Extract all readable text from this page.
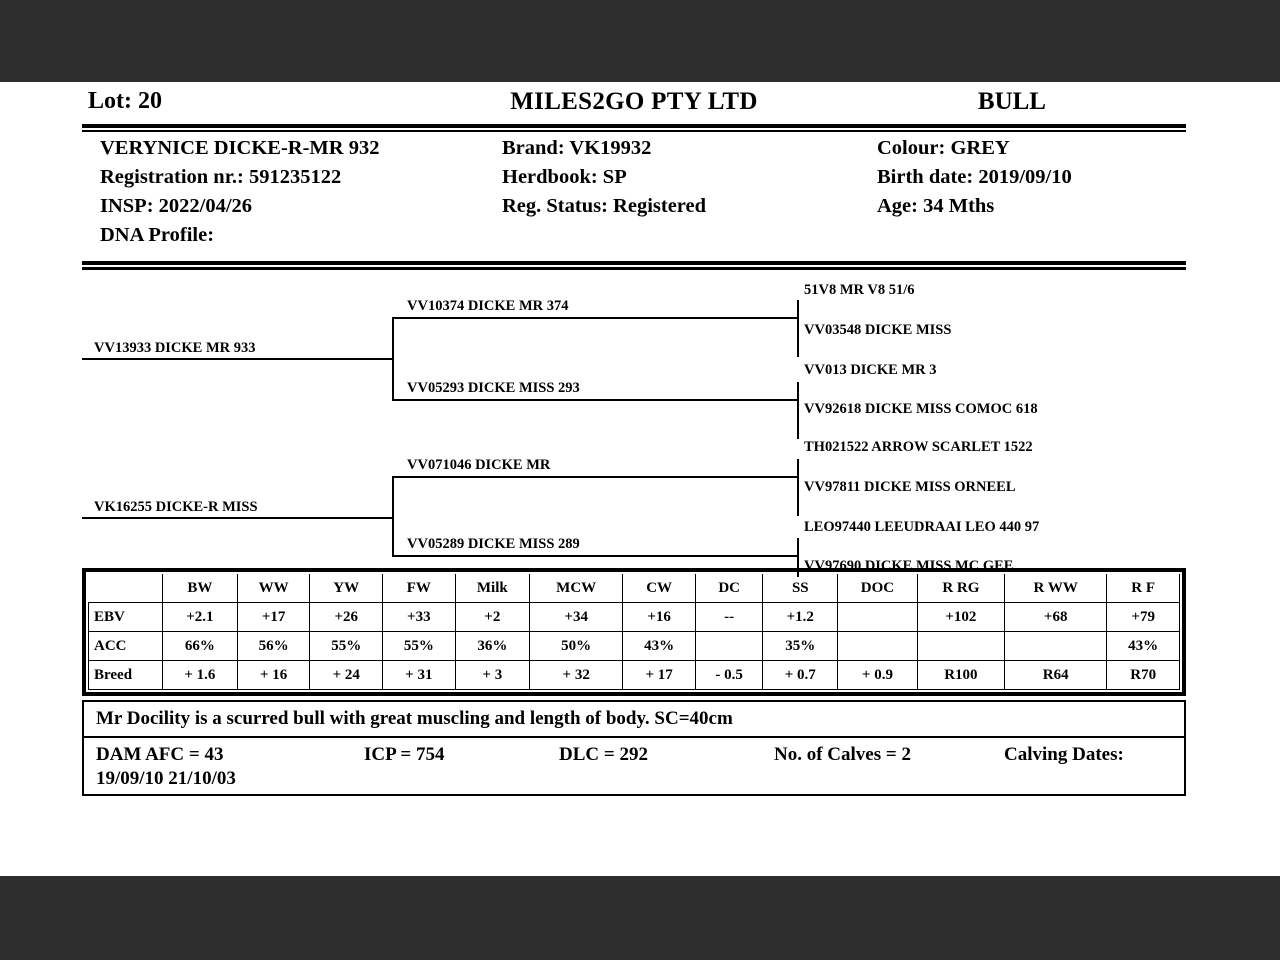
Lot: 20	MILES2GO PTY LTD	BULL
VERYNICE DICKE-R-MR 932	Brand: VK19932	Colour: GREY
Registration nr.: 591235122	Herdbook: SP	Birth date: 2019/09/10
INSP: 2022/04/26	Reg. Status: Registered	Age: 34 Mths
DNA Profile:
51V8 MR V8 51/6
VV03548 DICKE MISS
VV013 DICKE MR 3
VV92618 DICKE MISS COMOC 618
TH021522 ARROW SCARLET 1522
VV97811 DICKE MISS ORNEEL
LEO97440 LEEUDRAAI LEO 440 97
VV97690 DICKE MISS MC GEE
VV10374 DICKE MR 374
VV05293 DICKE MISS 293
VV071046 DICKE MR
VV05289 DICKE MISS 289
VV13933 DICKE MR 933
VK16255 DICKE-R MISS
	BW	WW	YW	FW	Milk	MCW	CW	DC	SS	DOC	R RG	R WW	R F
EBV	+2.1	+17	+26	+33	+2	+34	+16	--	+1.2		+102	+68	+79
ACC	66%	56%	55%	55%	36%	50%	43%		35%				43%
Breed	+ 1.6	+ 16	+ 24	+ 31	+ 3	+ 32	+ 17	- 0.5	+ 0.7	+ 0.9	R100	R64	R70
Mr Docility is a scurred bull with great muscling and length of body. SC=40cm
DAM AFC = 43	ICP = 754	DLC = 292	No. of Calves = 2	Calving Dates:
19/09/10 21/10/03
